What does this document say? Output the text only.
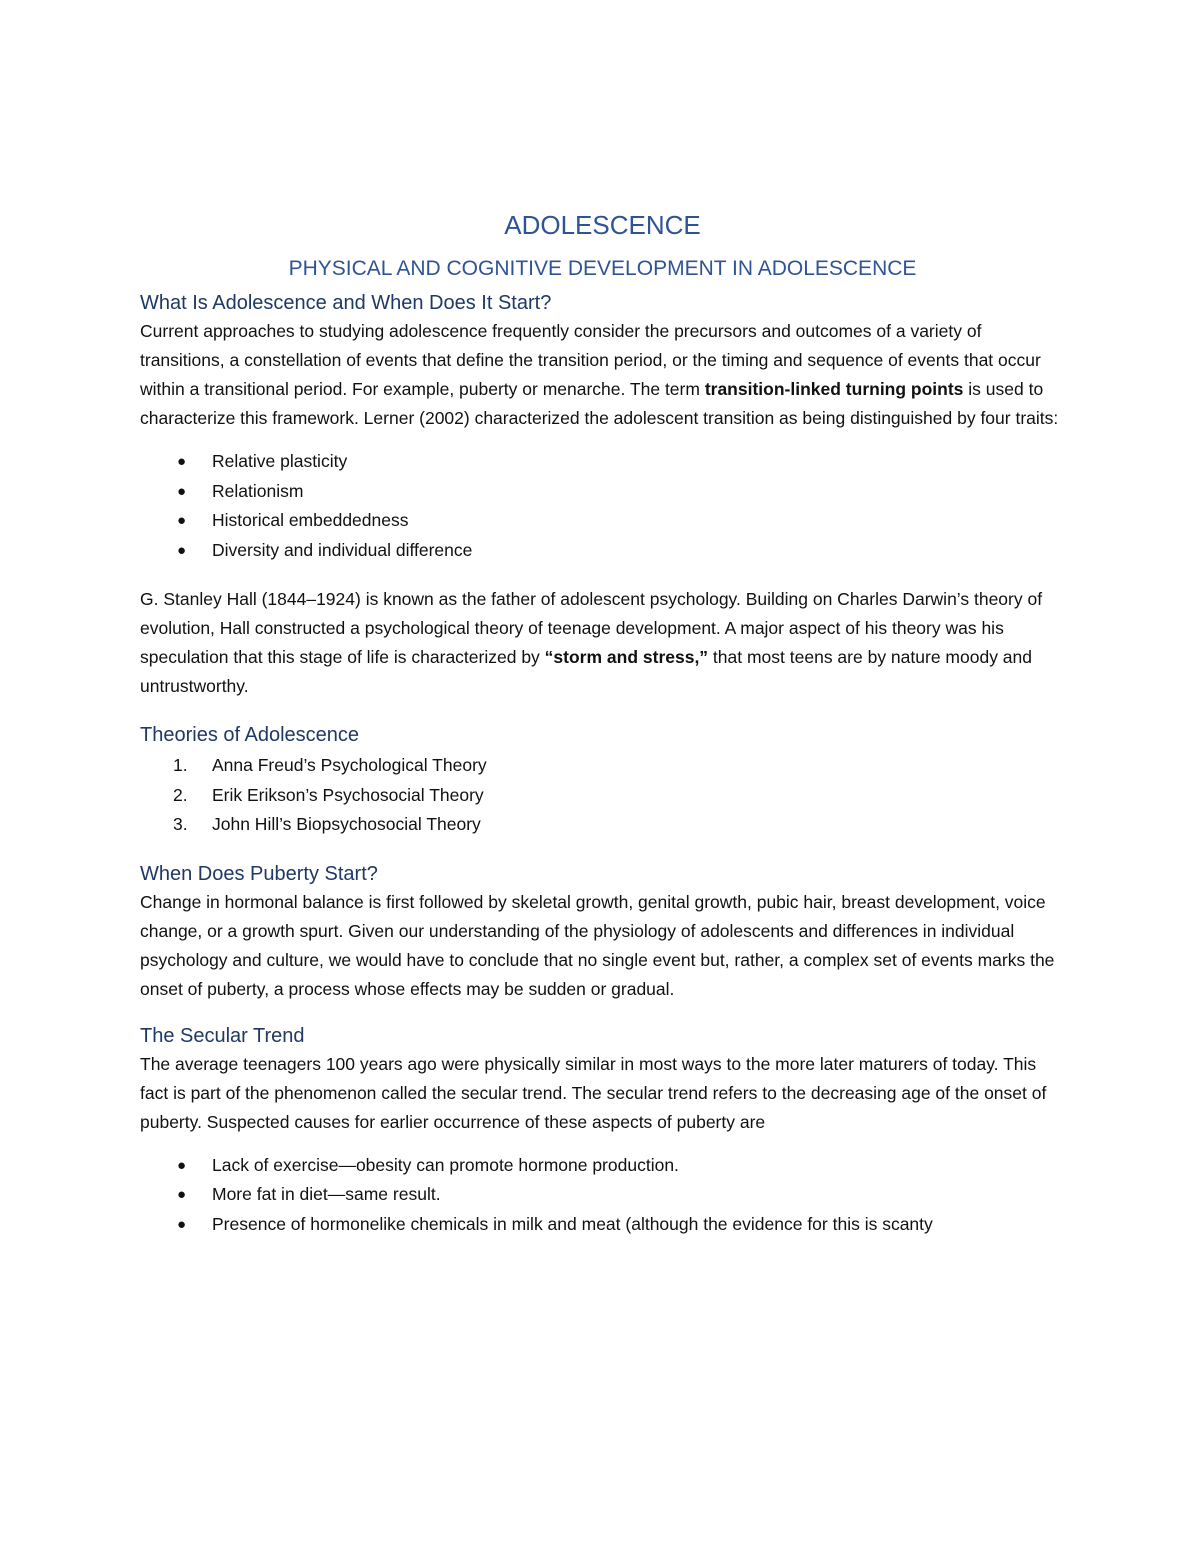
ADOLESCENCE
PHYSICAL AND COGNITIVE DEVELOPMENT IN ADOLESCENCE
What Is Adolescence and When Does It Start?

Current approaches to studying adolescence frequently consider the precursors and outcomes of a variety of transitions, a constellation of events that define the transition period, or the timing and sequence of events that occur within a transitional period. For example, puberty or menarche. The term transition-linked turning points is used to characterize this framework. Lerner (2002) characterized the adolescent transition as being distinguished by four traits:

● Relative plasticity
● Relationism
● Historical embeddedness
● Diversity and individual difference

G. Stanley Hall (1844–1924) is known as the father of adolescent psychology. Building on Charles Darwin’s theory of evolution, Hall constructed a psychological theory of teenage development. A major aspect of his theory was his speculation that this stage of life is characterized by “storm and stress,” that most teens are by nature moody and untrustworthy.

Theories of Adolescence
1. Anna Freud’s Psychological Theory
2. Erik Erikson’s Psychosocial Theory
3. John Hill’s Biopsychosocial Theory
When Does Puberty Start?

Change in hormonal balance is first followed by skeletal growth, genital growth, pubic hair, breast development, voice change, or a growth spurt. Given our understanding of the physiology of adolescents and differences in individual psychology and culture, we would have to conclude that no single event but, rather, a complex set of events marks the onset of puberty, a process whose effects may be sudden or gradual.

The Secular Trend

The average teenagers 100 years ago were physically similar in most ways to the more later maturers of today. This fact is part of the phenomenon called the secular trend. The secular trend refers to the decreasing age of the onset of puberty. Suspected causes for earlier occurrence of these aspects of puberty are

● Lack of exercise—obesity can promote hormone production.
● More fat in diet—same result.
● Presence of hormonelike chemicals in milk and meat (although the evidence for this is scanty
